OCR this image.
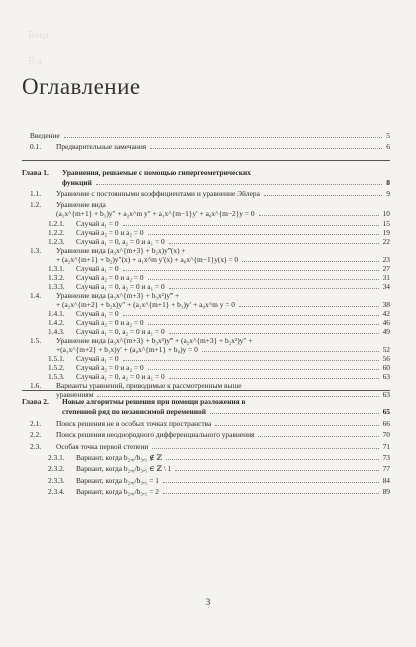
Введ
В а
Оглавление
Введение	5
0.1. Предварительные замечания	6
Глава 1. Уравнения, решаемые с помощью гипергеометрических
функций	8
1.1. Уравнение с постоянными коэффициентами и уравнение Эйлера	9
1.2. Уравнение вида
(a₁x^{m+1} + b₁)y″ + a₂x^m y″ + a₁x^{m−1}y′ + a₀x^{m−2}y = 0	10
1.2.1. Случай a₁ = 0	15
1.2.2. Случай a₂ = 0 и a₂ = 0	19
1.2.3. Случай a₁ = 0, a₂ = 0 и a₁ = 0	22
1.3. Уравнение вида (a₃x^{m+3} + b₂x)y‴(x) +
+ (a₂x^{m+1} + b₂)y″(x) + a₁x^m y′(x) + a₀x^{m−1}y(x) = 0	23
1.3.1. Случай a₁ = 0	27
1.3.2. Случай a₂ = 0 и a₂ = 0	31
1.3.3. Случай a₁ = 0, a₂ = 0 и a₁ = 0	34
1.4. Уравнение вида (a₃x^{m+3} + b₃x²)y‴ +
+ (a₂x^{m+2} + b₂x)y″ + (a₁x^{m+1} + b₁)y′ + a₀x^m y = 0	38
1.4.1. Случай a₁ = 0	42
1.4.2. Случай a₂ = 0 и a₂ = 0	46
1.4.3. Случай a₁ = 0, a₂ = 0 и a₁ = 0	49
1.5. Уравнение вида (a₃x^{m+3} + b₃x³)y‴ + (a₂x^{m+3} + b₂x²)y″ +
+(a₁x^{m+2} + b₁x)y′ + (a₀x^{m+1} + b₀)y = 0	52
1.5.1. Случай a₁ = 0	56
1.5.2. Случай a₂ = 0 и a₂ = 0	60
1.5.3. Случай a₁ = 0, a₂ = 0 и a₁ = 0	63
1.6. Варианты уравнений, приводимые к рассмотренным выше
уравнениям	63
Глава 2. Новые алгоритмы решения при помощи разложения в
степенной ряд по независимой переменной	65
2.1. Поиск решения не в особых точках пространства	66
2.2. Поиск решения неоднородного дифференциального уравнения	70
2.3. Особая точка первой степени	71
2.3.1. Вариант, когда b₂,₀/b₃,₁ ∉ ℤ	73
2.3.2. Вариант, когда b₂,₀/b₃,₁ ∈ ℤ \ 1	77
2.3.3. Вариант, когда b₂,₀/b₃,₁ = 1	84
2.3.4. Вариант, когда b₂,₀/b₃,₁ = 2	89
3
